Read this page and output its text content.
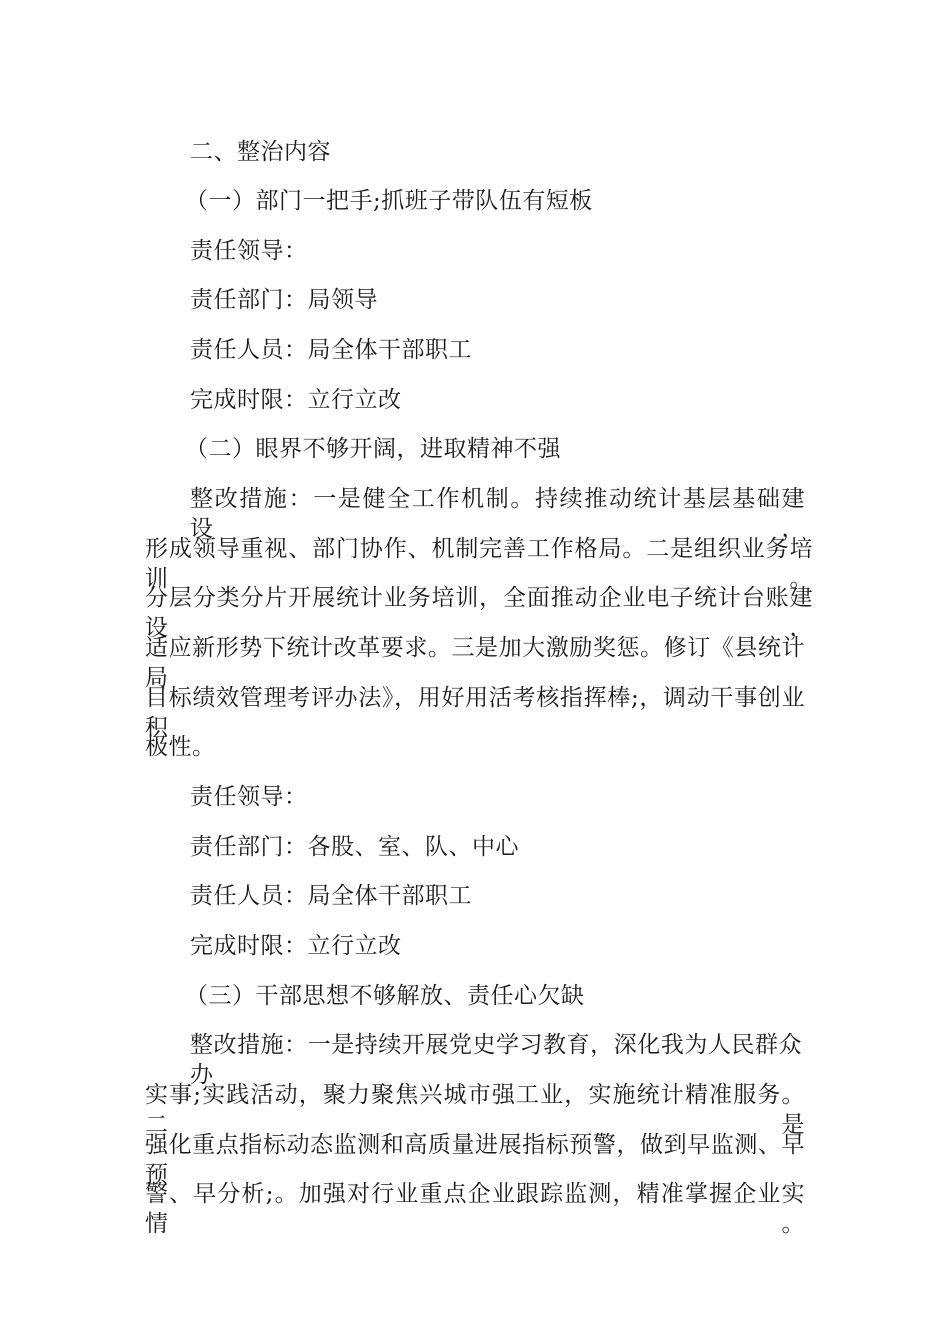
二、整治内容
（一）部门一把手;抓班子带队伍有短板
责任领导：
责任部门：局领导
责任人员：局全体干部职工
完成时限：立行立改
（二）眼界不够开阔，进取精神不强
整改措施：一是健全工作机制。持续推动统计基层基础建设，
形成领导重视、部门协作、机制完善工作格局。二是组织业务培训。
分层分类分片开展统计业务培训，全面推动企业电子统计台账建设，
适应新形势下统计改革要求。三是加大激励奖惩。修订《县统计局
目标绩效管理考评办法》，用好用活考核指挥棒;，调动干事创业积
极性。
责任领导：
责任部门：各股、室、队、中心
责任人员：局全体干部职工
完成时限：立行立改
（三）干部思想不够解放、责任心欠缺
整改措施：一是持续开展党史学习教育，深化我为人民群众办
实事;实践活动，聚力聚焦兴城市强工业，实施统计精准服务。二是
强化重点指标动态监测和高质量进展指标预警，做到早监测、早预
警、早分析;。加强对行业重点企业跟踪监测，精准掌握企业实情。
